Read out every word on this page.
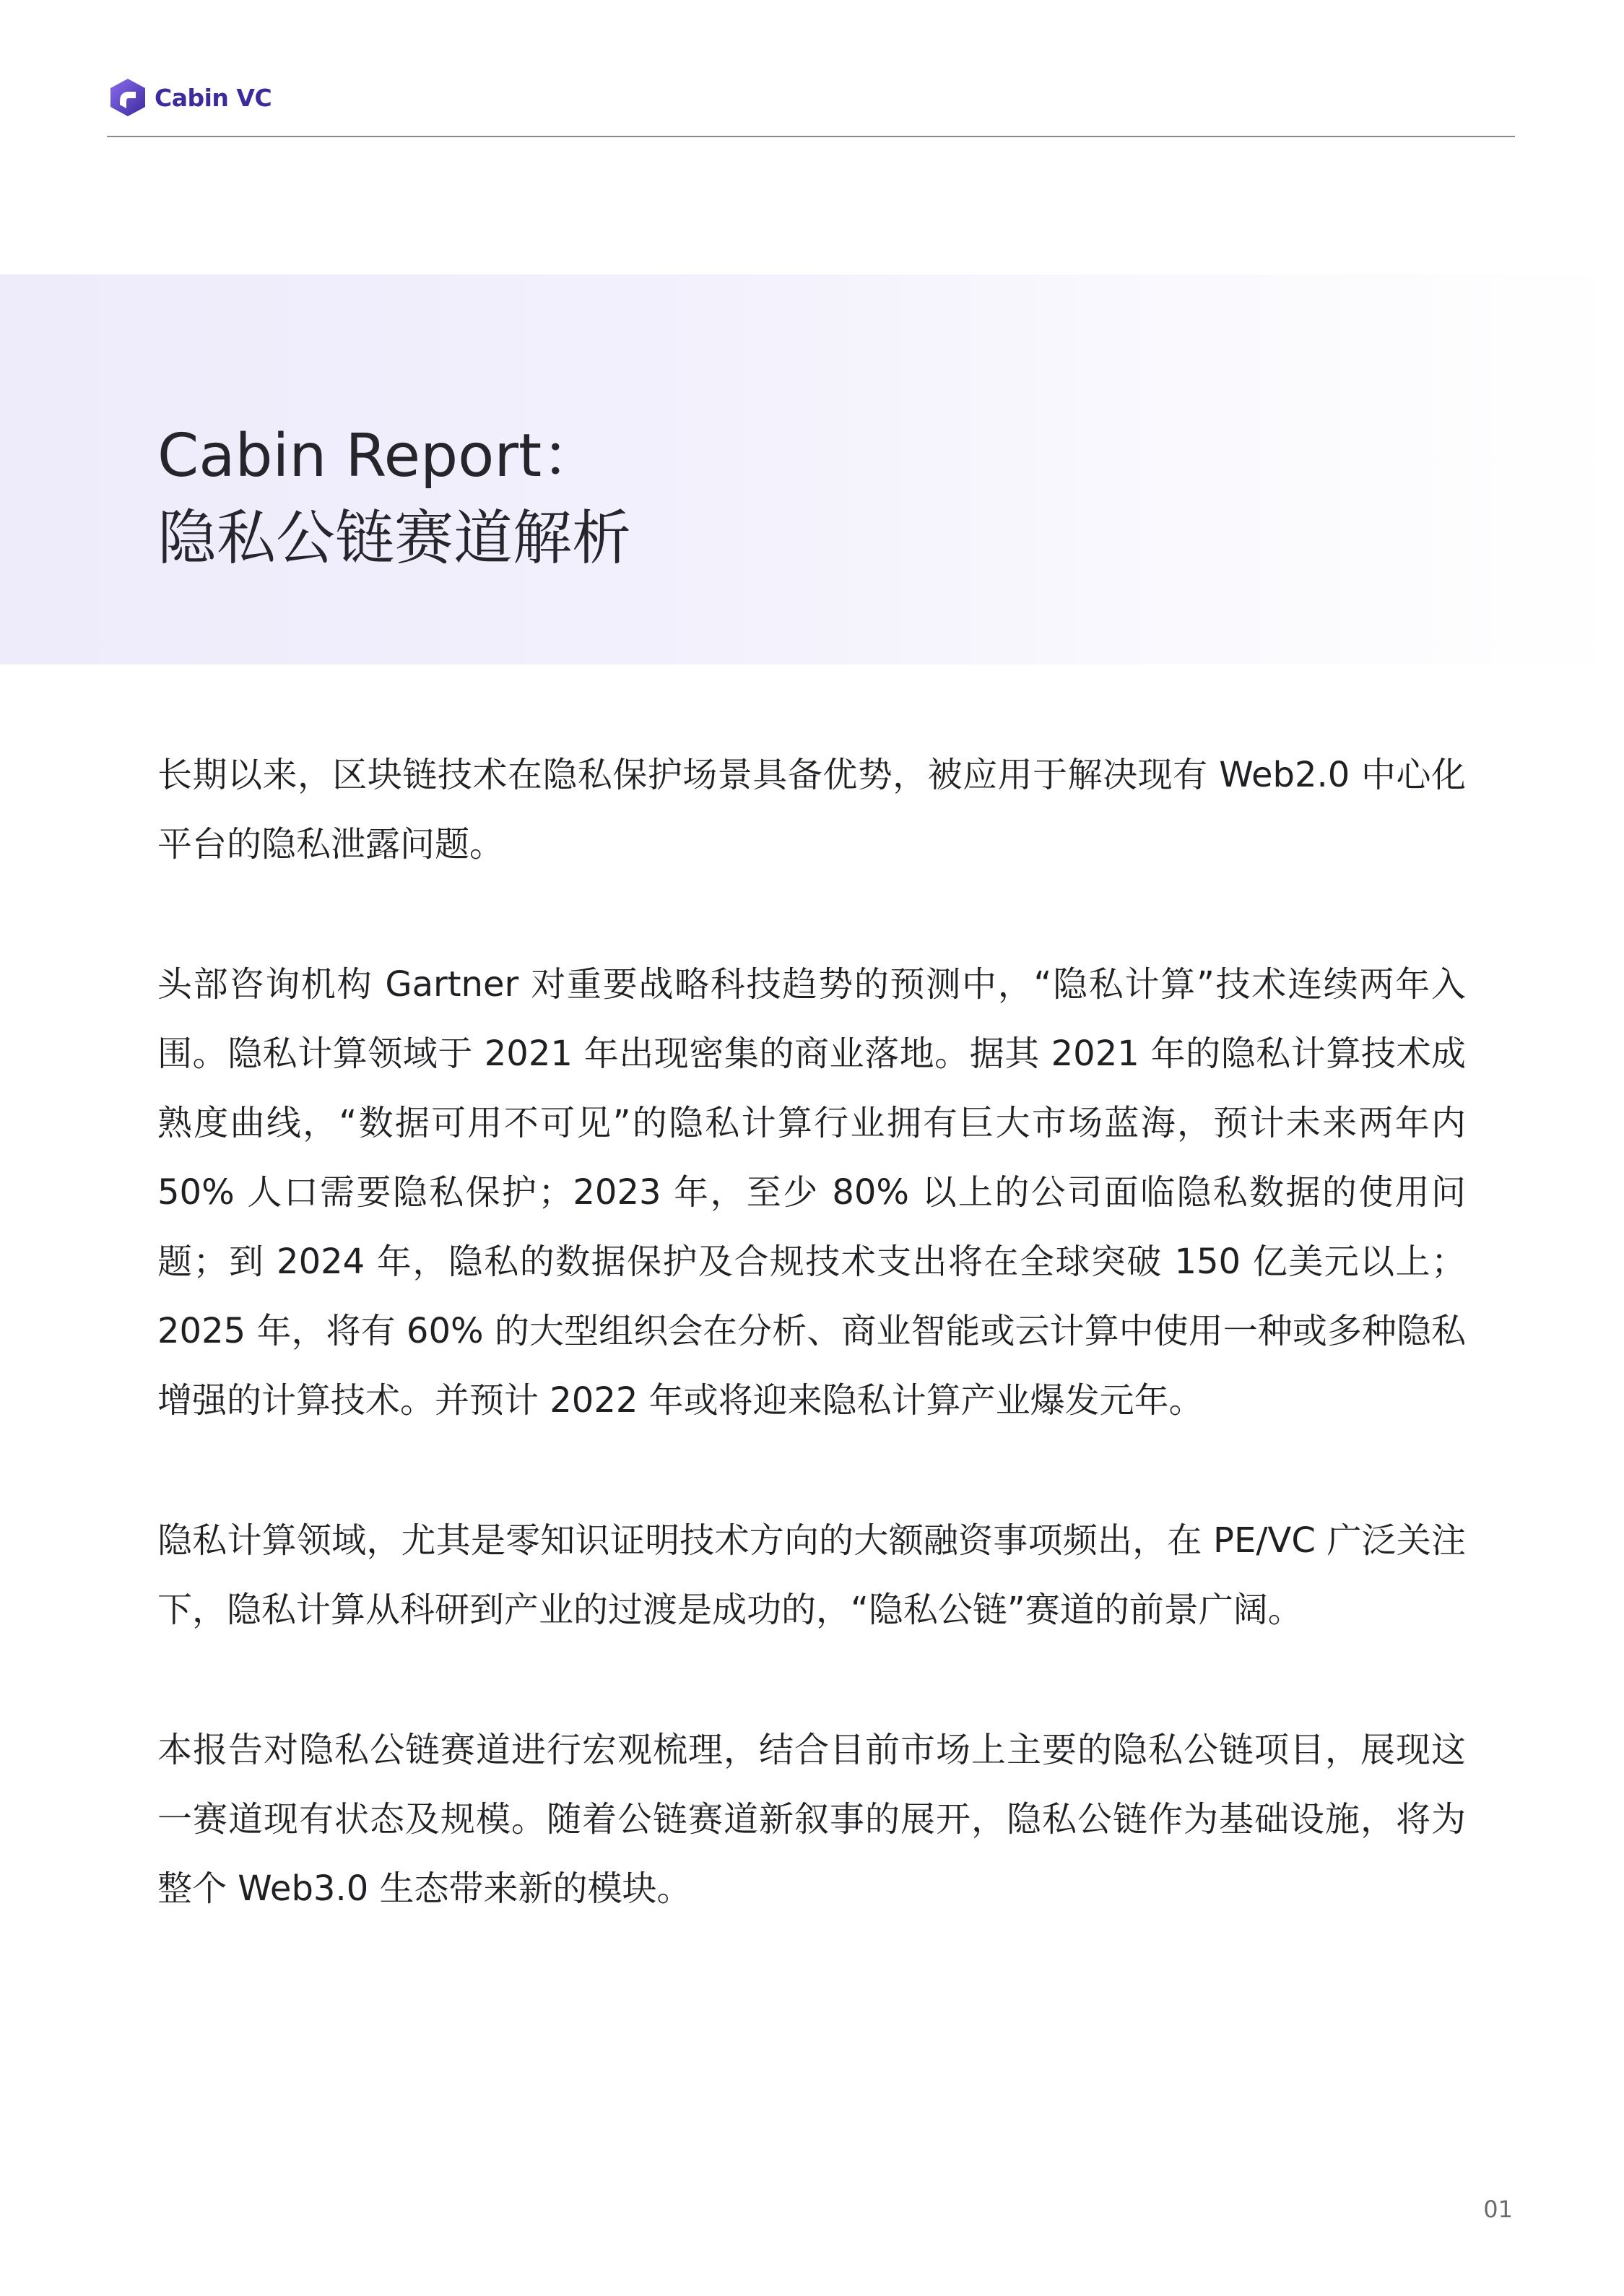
Cabin VC
Cabin Report：
隐私公链赛道解析

长期以来，区块链技术在隐私保护场景具备优势，被应用于解决现有 Web2.0 中心化平台的隐私泄露问题。

头部咨询机构 Gartner 对重要战略科技趋势的预测中，“隐私计算”技术连续两年入围。隐私计算领域于 2021 年出现密集的商业落地。据其 2021 年的隐私计算技术成熟度曲线，“数据可用不可见”的隐私计算行业拥有巨大市场蓝海，预计未来两年内 50% 人口需要隐私保护；2023 年，至少 80% 以上的公司面临隐私数据的使用问题；到 2024 年，隐私的数据保护及合规技术支出将在全球突破 150 亿美元以上；2025 年，将有 60% 的大型组织会在分析、商业智能或云计算中使用一种或多种隐私增强的计算技术。并预计 2022 年或将迎来隐私计算产业爆发元年。

隐私计算领域，尤其是零知识证明技术方向的大额融资事项频出，在 PE/VC 广泛关注下，隐私计算从科研到产业的过渡是成功的，“隐私公链”赛道的前景广阔。

本报告对隐私公链赛道进行宏观梳理，结合目前市场上主要的隐私公链项目，展现这一赛道现有状态及规模。随着公链赛道新叙事的展开，隐私公链作为基础设施，将为整个 Web3.0 生态带来新的模块。

01
